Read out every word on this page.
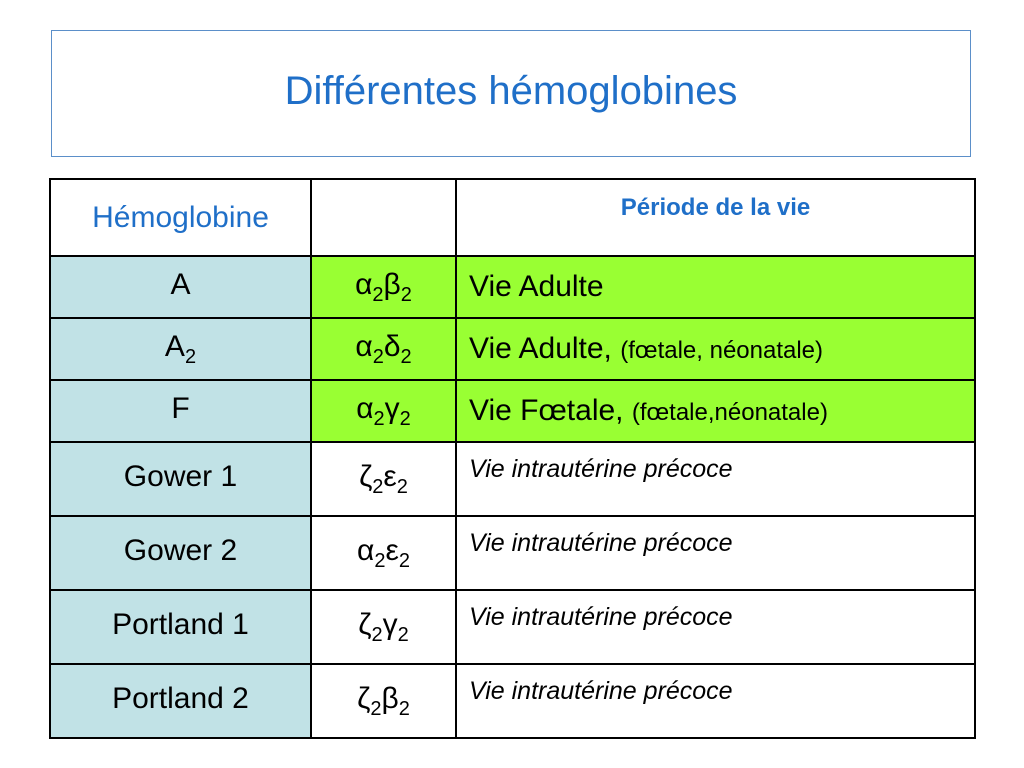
Différentes hémoglobines
Hémoglobine		Période de la vie
A	$\alpha_2\beta_2$	Vie Adulte
$A_2$	$\alpha_2\delta_2$	Vie Adulte, (fœtale, néonatale)
F	$\alpha_2\gamma_2$	Vie Fœtale, (fœtale,néonatale)
Gower 1	$\zeta_2\varepsilon_2$	Vie intrautérine précoce
Gower 2	$\alpha_2\varepsilon_2$	Vie intrautérine précoce
Portland 1	$\zeta_2\gamma_2$	Vie intrautérine précoce
Portland 2	$\zeta_2\beta_2$	Vie intrautérine précoce
